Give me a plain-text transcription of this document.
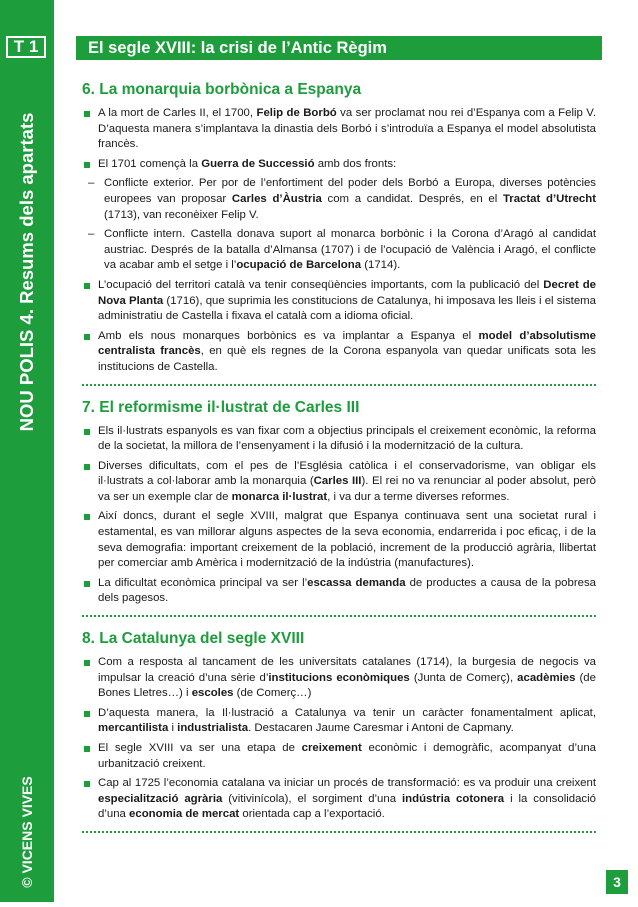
T 1
NOU POLIS 4. Resums dels apartats
© VICENS VIVES
El segle XVIII: la crisi de l’Antic Règim
6. La monarquia borbònica a Espanya
A la mort de Carles II, el 1700, Felip de Borbó va ser proclamat nou rei d’Espanya com a Felip V. D’aquesta manera s’implantava la dinastia dels Borbó i s’introduïa a Espanya el model absolutista francès.
El 1701 començà la Guerra de Successió amb dos fronts:
– Conflicte exterior. Per por de l’enfortiment del poder dels Borbó a Europa, diverses potències europees van proposar Carles d’Àustria com a candidat. Després, en el Tractat d’Utrecht (1713), van reconèixer Felip V.
– Conflicte intern. Castella donava suport al monarca borbònic i la Corona d’Aragó al candidat austriac. Després de la batalla d’Almansa (1707) i de l’ocupació de València i Aragó, el conflicte va acabar amb el setge i l’ocupació de Barcelona (1714).
L’ocupació del territori català va tenir conseqüències importants, com la publicació del Decret de Nova Planta (1716), que suprimia les constitucions de Catalunya, hi imposava les lleis i el sistema administratiu de Castella i fixava el català com a idioma oficial.
Amb els nous monarques borbònics es va implantar a Espanya el model d’absolutisme centralista francès, en què els regnes de la Corona espanyola van quedar unificats sota les institucions de Castella.
7. El reformisme il·lustrat de Carles III
Els il·lustrats espanyols es van fixar com a objectius principals el creixement econòmic, la reforma de la societat, la millora de l’ensenyament i la difusió i la modernització de la cultura.
Diverses dificultats, com el pes de l’Església catòlica i el conservadorisme, van obligar els il·lustrats a col·laborar amb la monarquia (Carles III). El rei no va renunciar al poder absolut, però va ser un exemple clar de monarca il·lustrat, i va dur a terme diverses reformes.
Així doncs, durant el segle XVIII, malgrat que Espanya continuava sent una societat rural i estamental, es van millorar alguns aspectes de la seva economia, endarrerida i poc eficaç, i de la seva demografia: important creixement de la població, increment de la producció agrària, llibertat per comerciar amb Amèrica i modernització de la indústria (manufactures).
La dificultat econòmica principal va ser l’escassa demanda de productes a causa de la pobresa dels pagesos.
8. La Catalunya del segle XVIII
Com a resposta al tancament de les universitats catalanes (1714), la burgesia de negocis va impulsar la creació d’una sèrie d’institucions econòmiques (Junta de Comerç), acadèmies (de Bones Lletres…) i escoles (de Comerç…)
D’aquesta manera, la Il·lustració a Catalunya va tenir un caràcter fonamentalment aplicat, mercantilista i industrialista. Destacaren Jaume Caresmar i Antoni de Capmany.
El segle XVIII va ser una etapa de creixement econòmic i demogràfic, acompanyat d’una urbanització creixent.
Cap al 1725 l’economia catalana va iniciar un procés de transformació: es va produir una creixent especialització agrària (vitivinícola), el sorgiment d’una indústria cotonera i la consolidació d’una economia de mercat orientada cap a l’exportació.
3
